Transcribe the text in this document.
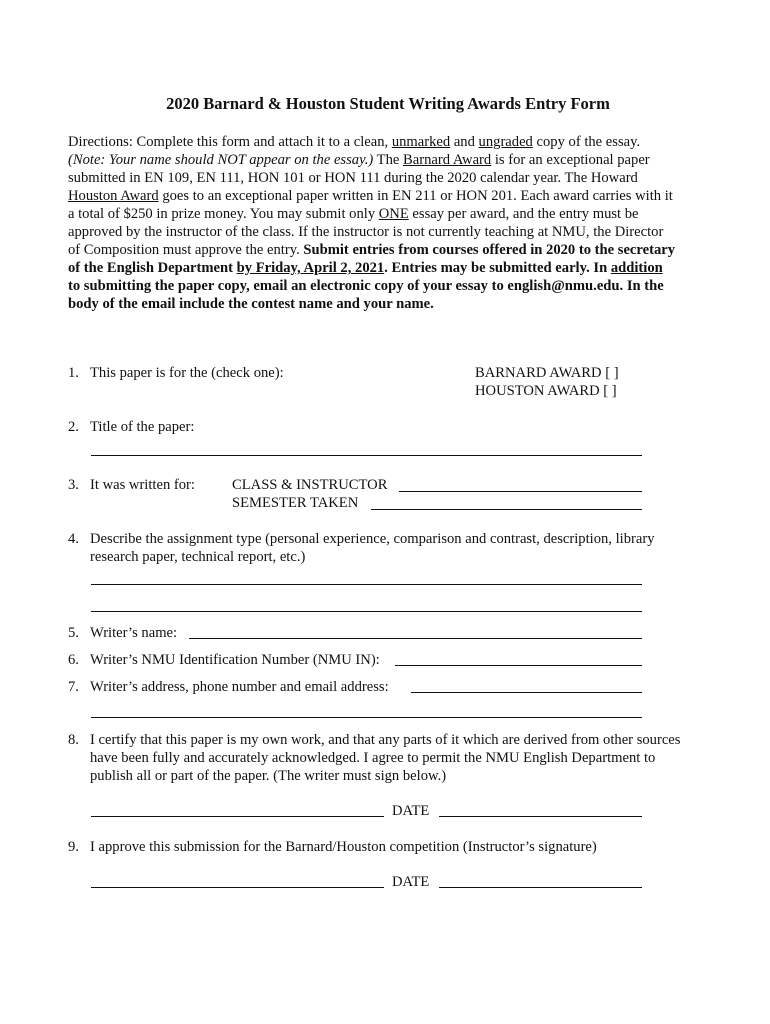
2020 Barnard & Houston Student Writing Awards Entry Form
Directions: Complete this form and attach it to a clean, unmarked and ungraded copy of the essay.
(Note: Your name should NOT appear on the essay.) The Barnard Award is for an exceptional paper
submitted in EN 109, EN 111, HON 101 or HON 111 during the 2020 calendar year. The Howard
Houston Award goes to an exceptional paper written in EN 211 or HON 201. Each award carries with it
a total of $250 in prize money. You may submit only ONE essay per award, and the entry must be
approved by the instructor of the class. If the instructor is not currently teaching at NMU, the Director
of Composition must approve the entry. Submit entries from courses offered in 2020 to the secretary
of the English Department by Friday, April 2, 2021. Entries may be submitted early. In addition
to submitting the paper copy, email an electronic copy of your essay to english@nmu.edu. In the
body of the email include the contest name and your name.
1. This paper is for the (check one):	BARNARD AWARD [ ]
HOUSTON AWARD [ ]
2. Title of the paper:
3. It was written for:	CLASS & INSTRUCTOR
SEMESTER TAKEN
4. Describe the assignment type (personal experience, comparison and contrast, description, library
research paper, technical report, etc.)
5. Writer’s name:
6. Writer’s NMU Identification Number (NMU IN):
7. Writer’s address, phone number and email address:
8. I certify that this paper is my own work, and that any parts of it which are derived from other sources
have been fully and accurately acknowledged. I agree to permit the NMU English Department to
publish all or part of the paper. (The writer must sign below.)
DATE
9. I approve this submission for the Barnard/Houston competition (Instructor’s signature)
DATE
